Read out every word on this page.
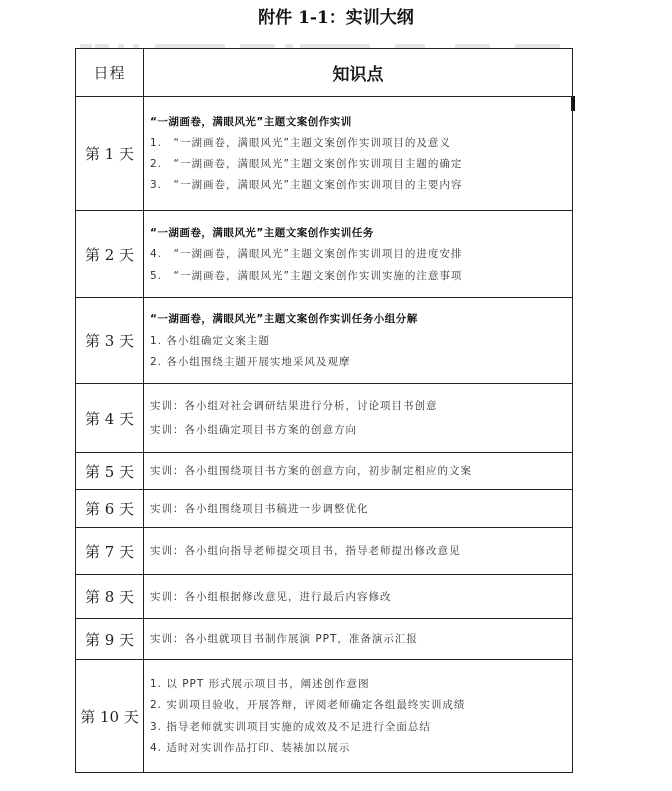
附件 1-1：实训大纲
日程	知识点
第 1 天	“一湖画卷，满眼风光”主题文案创作实训
1.　“一湖画卷，满眼风光”主题文案创作实训项目的及意义
2.　“一湖画卷，满眼风光”主题文案创作实训项目主题的确定
3.　“一湖画卷，满眼风光”主题文案创作实训项目的主要内容

第 2 天	“一湖画卷，满眼风光”主题文案创作实训任务
4.　“一湖画卷，满眼风光”主题文案创作实训项目的进度安排
5.　“一湖画卷，满眼风光”主题文案创作实训实施的注意事项

第 3 天	“一湖画卷，满眼风光”主题文案创作实训任务小组分解
1. 各小组确定文案主题
2. 各小组围绕主题开展实地采风及观摩

第 4 天	实训：各小组对社会调研结果进行分析，讨论项目书创意
实训：各小组确定项目书方案的创意方向

第 5 天	实训：各小组围绕项目书方案的创意方向，初步制定相应的文案

第 6 天	实训：各小组围绕项目书稿进一步调整优化

第 7 天	实训：各小组向指导老师提交项目书，指导老师提出修改意见

第 8 天	实训：各小组根据修改意见，进行最后内容修改

第 9 天	实训：各小组就项目书制作展演 PPT，准备演示汇报

第 10 天	1. 以 PPT 形式展示项目书，阐述创作意图
2. 实训项目验收，开展答辩，评阅老师确定各组最终实训成绩
3. 指导老师就实训项目实施的成效及不足进行全面总结
4. 适时对实训作品打印、装裱加以展示
